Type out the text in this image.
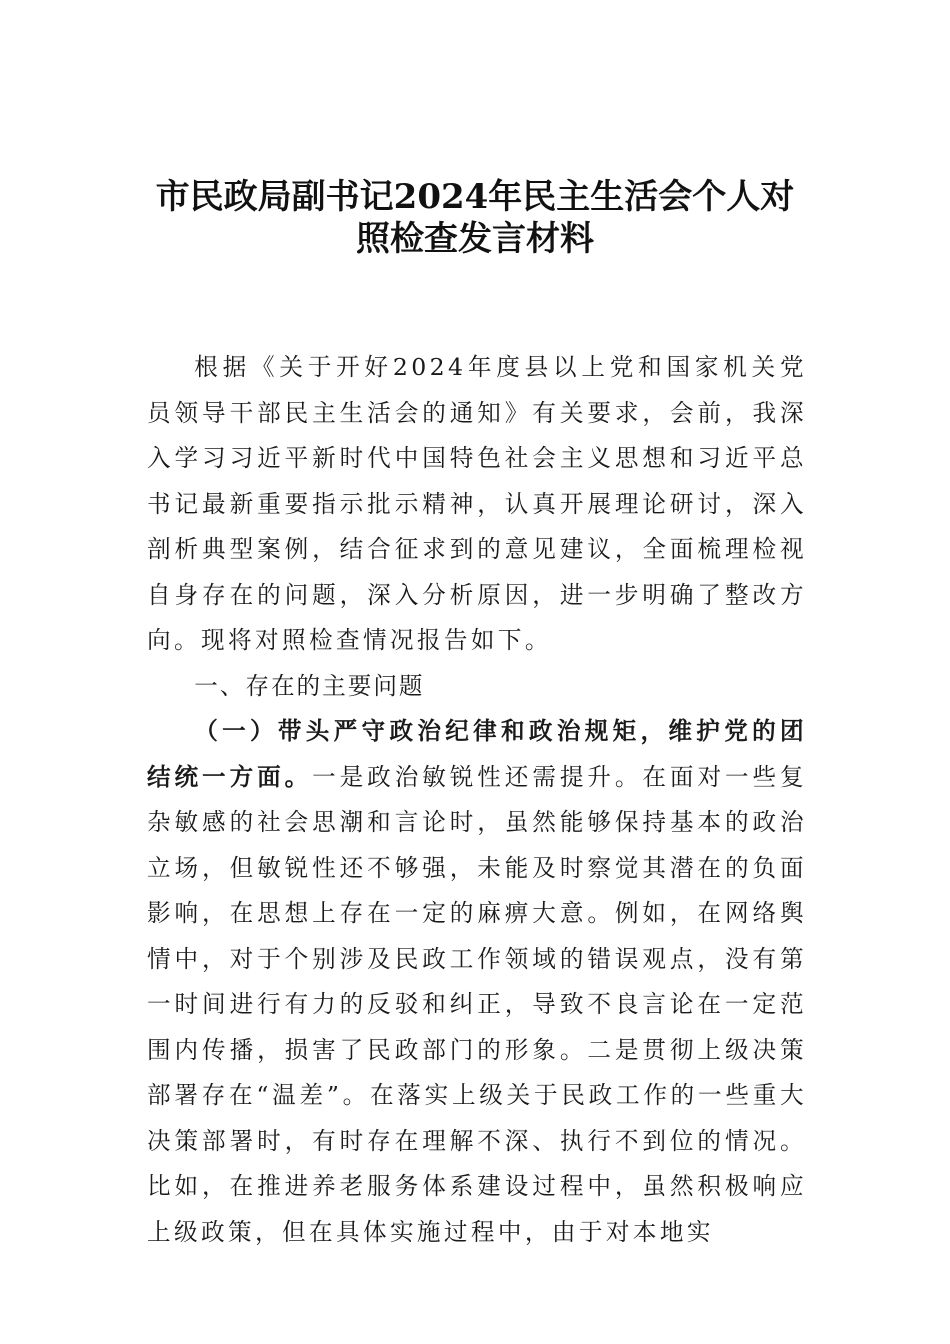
市民政局副书记2024年民主生活会个人对
照检查发言材料

根据《关于开好2024年度县以上党和国家机关党员领导干部民主生活会的通知》有关要求，会前，我深入学习习近平新时代中国特色社会主义思想和习近平总书记最新重要指示批示精神，认真开展理论研讨，深入剖析典型案例，结合征求到的意见建议，全面梳理检视自身存在的问题，深入分析原因，进一步明确了整改方向。现将对照检查情况报告如下。

一、存在的主要问题

（一）带头严守政治纪律和政治规矩，维护党的团结统一方面。一是政治敏锐性还需提升。在面对一些复杂敏感的社会思潮和言论时，虽然能够保持基本的政治立场，但敏锐性还不够强，未能及时察觉其潜在的负面影响，在思想上存在一定的麻痹大意。例如，在网络舆情中，对于个别涉及民政工作领域的错误观点，没有第一时间进行有力的反驳和纠正，导致不良言论在一定范围内传播，损害了民政部门的形象。二是贯彻上级决策部署存在“温差”。在落实上级关于民政工作的一些重大决策部署时，有时存在理解不深、执行不到位的情况。比如，在推进养老服务体系建设过程中，虽然积极响应上级政策，但在具体实施过程中，由于对本地实
